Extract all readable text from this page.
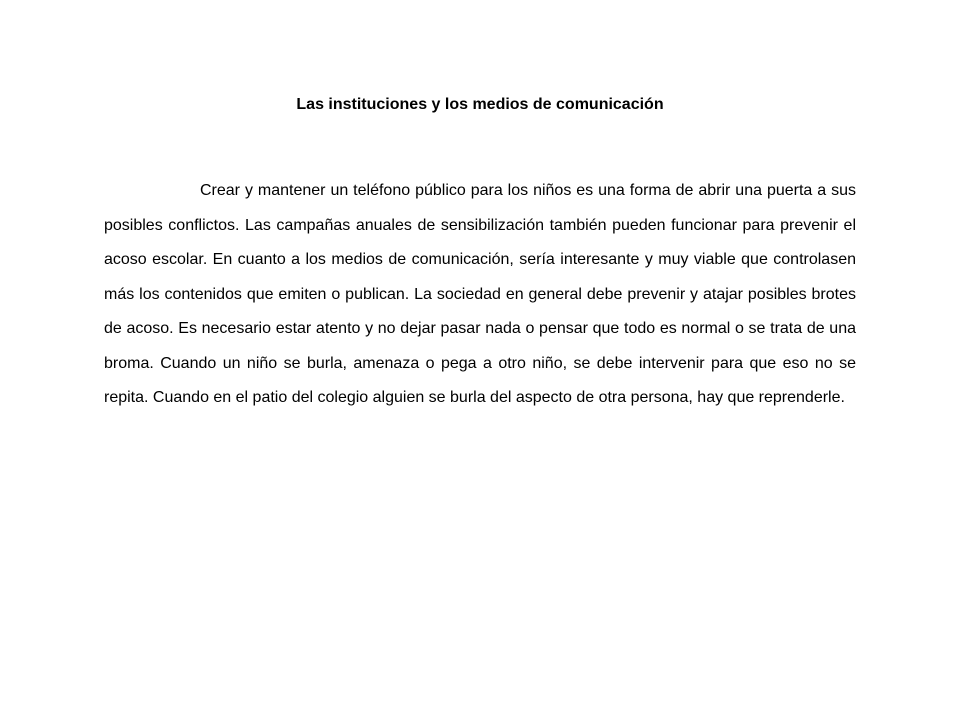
Las instituciones y los medios de comunicación

Crear y mantener un teléfono público para los niños es una forma de abrir una puerta a sus posibles conflictos. Las campañas anuales de sensibilización también pueden funcionar para prevenir el acoso escolar. En cuanto a los medios de comunicación, sería interesante y muy viable que controlasen más los contenidos que emiten o publican. La sociedad en general debe prevenir y atajar posibles brotes de acoso. Es necesario estar atento y no dejar pasar nada o pensar que todo es normal o se trata de una broma. Cuando un niño se burla, amenaza o pega a otro niño, se debe intervenir para que eso no se repita. Cuando en el patio del colegio alguien se burla del aspecto de otra persona, hay que reprenderle.
